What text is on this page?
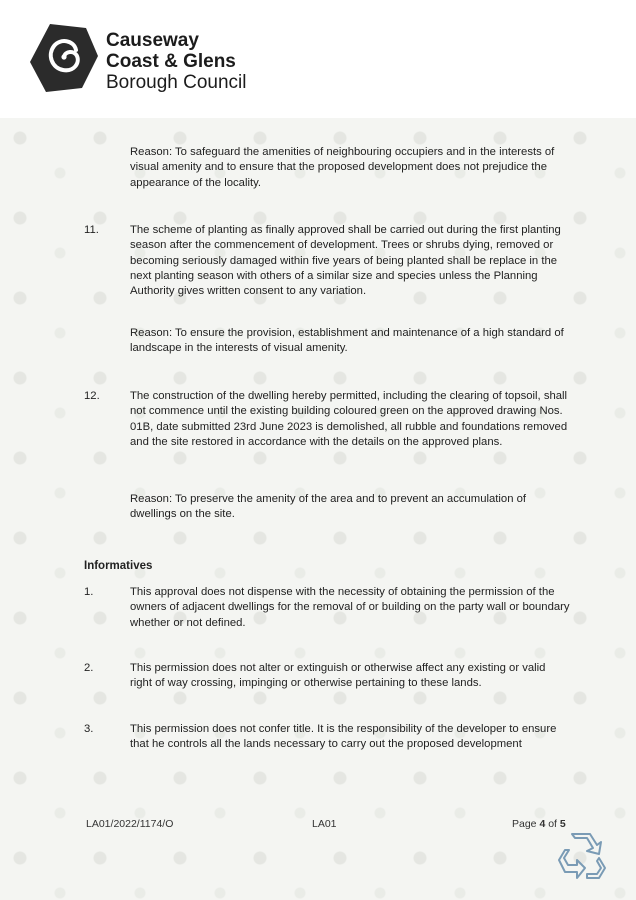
Causeway
Coast & Glens
Borough Council
Reason: To safeguard the amenities of neighbouring occupiers and in the interests of visual amenity and to ensure that the proposed development does not prejudice the appearance of the locality.
11.	The scheme of planting as finally approved shall be carried out during the first planting season after the commencement of development. Trees or shrubs dying, removed or becoming seriously damaged within five years of being planted shall be replace in the next planting season with others of a similar size and species unless the Planning Authority gives written consent to any variation.
Reason: To ensure the provision, establishment and maintenance of a high standard of landscape in the interests of visual amenity.
12.	The construction of the dwelling hereby permitted, including the clearing of topsoil, shall not commence until the existing building coloured green on the approved drawing Nos. 01B, date submitted 23rd June 2023 is demolished, all rubble and foundations removed and the site restored in accordance with the details on the approved plans.
Reason: To preserve the amenity of the area and to prevent an accumulation of dwellings on the site.
Informatives
1.	This approval does not dispense with the necessity of obtaining the permission of the owners of adjacent dwellings for the removal of or building on the party wall or boundary whether or not defined.
2.	This permission does not alter or extinguish or otherwise affect any existing or valid right of way crossing, impinging or otherwise pertaining to these lands.
3.	This permission does not confer title. It is the responsibility of the developer to ensure that he controls all the lands necessary to carry out the proposed development
LA01/2022/1174/O	LA01	Page 4 of 5
